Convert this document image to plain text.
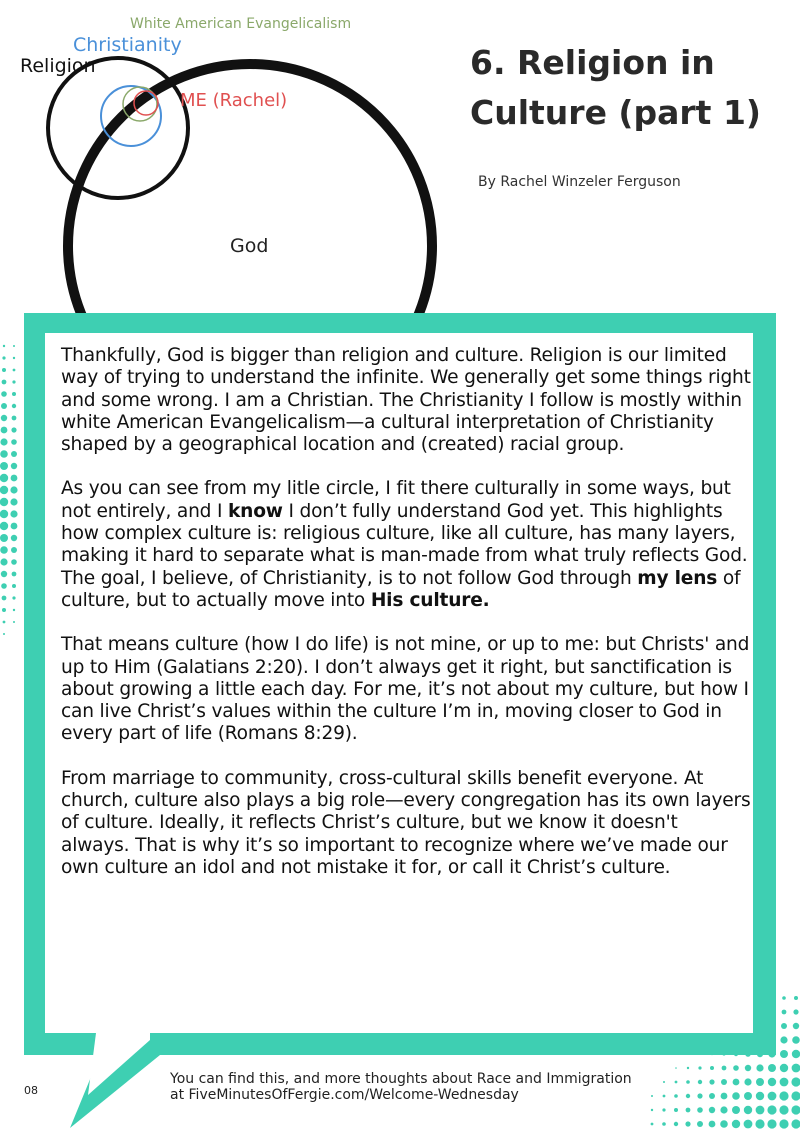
White American Evangelicalism
Christianity
Religion
ME (Rachel)
God
6. Religion in
Culture (part 1)
By Rachel Winzeler Ferguson

Thankfully, God is bigger than religion and culture. Religion is our limited way of trying to understand the infinite. We generally get some things right and some wrong. I am a Christian. The Christianity I follow is mostly within white American Evangelicalism—a cultural interpretation of Christianity shaped by a geographical location and (created) racial group.

As you can see from my litle circle, I fit there culturally in some ways, but not entirely, and I know I don’t fully understand God yet. This highlights how complex culture is: religious culture, like all culture, has many layers, making it hard to separate what is man-made from what truly reflects God. The goal, I believe, of Christianity, is to not follow God through my lens of culture, but to actually move into His culture.

That means culture (how I do life) is not mine, or up to me: but Christs' and up to Him (Galatians 2:20). I don’t always get it right, but sanctification is about growing a little each day. For me, it’s not about my culture, but how I can live Christ’s values within the culture I’m in, moving closer to God in every part of life (Romans 8:29).

From marriage to community, cross-cultural skills benefit everyone. At church, culture also plays a big role—every congregation has its own layers of culture. Ideally, it reflects Christ’s culture, but we know it doesn't always. That is why it’s so important to recognize where we’ve made our own culture an idol and not mistake it for, or call it Christ’s culture.

You can find this, and more thoughts about Race and Immigration
at FiveMinutesOfFergie.com/Welcome-Wednesday
08
